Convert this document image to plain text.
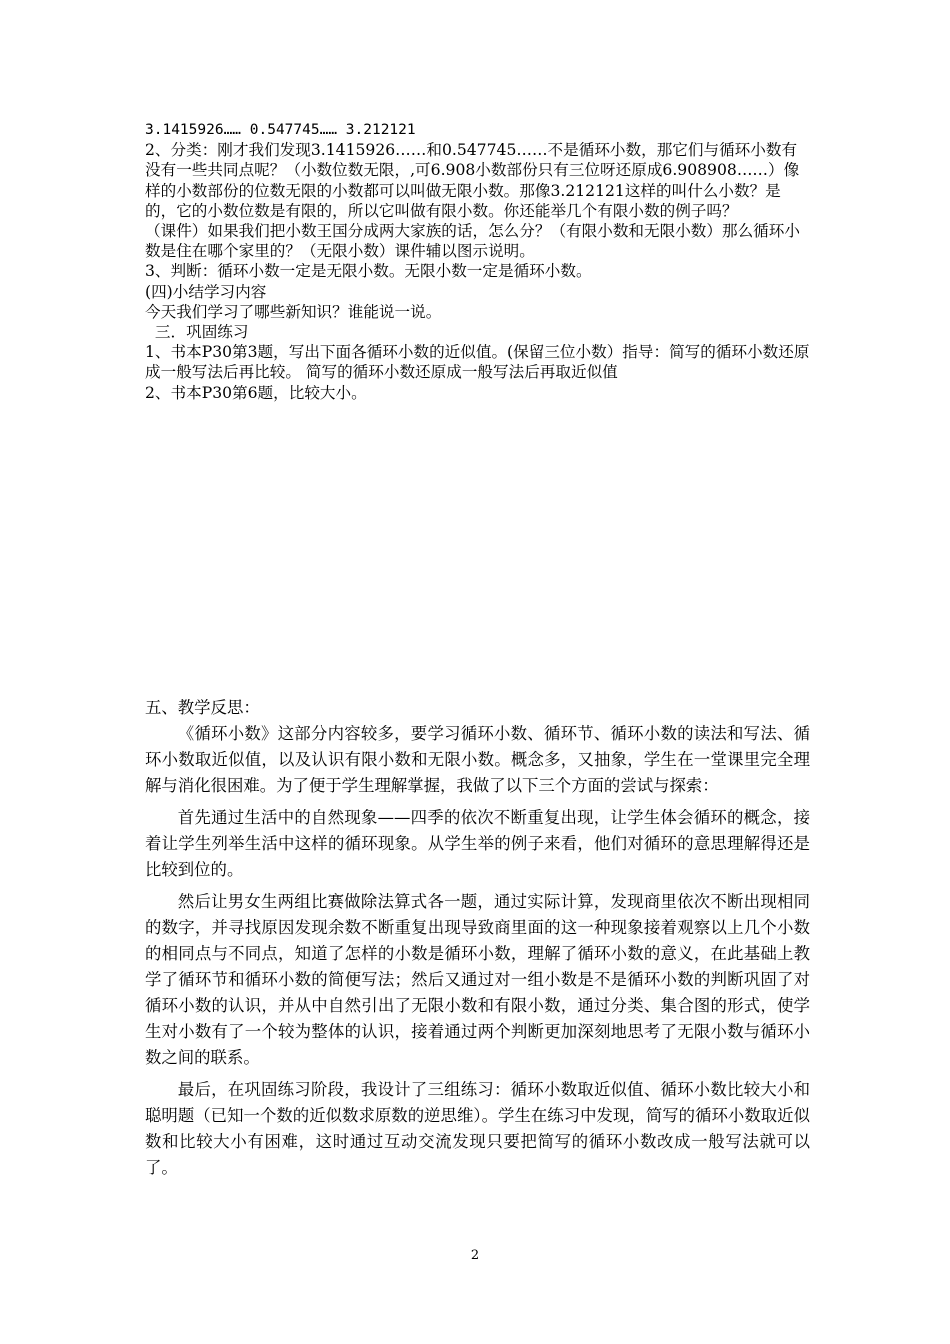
3.1415926…… 0.547745…… 3.212121

2、分类：刚才我们发现3.1415926……和0.547745……不是循环小数，那它们与循环小数有没有一些共同点呢？（小数位数无限，,可6.908小数部份只有三位呀还原成6.908908……）像样的小数部份的位数无限的小数都可以叫做无限小数。那像3.212121这样的叫什么小数？是的，它的小数位数是有限的，所以它叫做有限小数。你还能举几个有限小数的例子吗？

（课件）如果我们把小数王国分成两大家族的话，怎么分？（有限小数和无限小数）那么循环小数是住在哪个家里的？（无限小数）课件辅以图示说明。

3、判断：循环小数一定是无限小数。无限小数一定是循环小数。

(四)小结学习内容

今天我们学习了哪些新知识？谁能说一说。

三．巩固练习

1、书本P30第3题，写出下面各循环小数的近似值。(保留三位小数）指导：简写的循环小数还原成一般写法后再比较。 简写的循环小数还原成一般写法后再取近似值

2、书本P30第6题，比较大小。

五、教学反思：

《循环小数》这部分内容较多，要学习循环小数、循环节、循环小数的读法和写法、循环小数取近似值，以及认识有限小数和无限小数。概念多，又抽象，学生在一堂课里完全理解与消化很困难。为了便于学生理解掌握，我做了以下三个方面的尝试与探索：

首先通过生活中的自然现象——四季的依次不断重复出现，让学生体会循环的概念，接着让学生列举生活中这样的循环现象。从学生举的例子来看，他们对循环的意思理解得还是比较到位的。

然后让男女生两组比赛做除法算式各一题，通过实际计算，发现商里依次不断出现相同的数字，并寻找原因发现余数不断重复出现导致商里面的这一种现象接着观察以上几个小数的相同点与不同点，知道了怎样的小数是循环小数，理解了循环小数的意义，在此基础上教学了循环节和循环小数的简便写法；然后又通过对一组小数是不是循环小数的判断巩固了对循环小数的认识，并从中自然引出了无限小数和有限小数，通过分类、集合图的形式，使学生对小数有了一个较为整体的认识，接着通过两个判断更加深刻地思考了无限小数与循环小数之间的联系。

最后，在巩固练习阶段，我设计了三组练习：循环小数取近似值、循环小数比较大小和聪明题（已知一个数的近似数求原数的逆思维）。学生在练习中发现，简写的循环小数取近似数和比较大小有困难，这时通过互动交流发现只要把简写的循环小数改成一般写法就可以了。

2
